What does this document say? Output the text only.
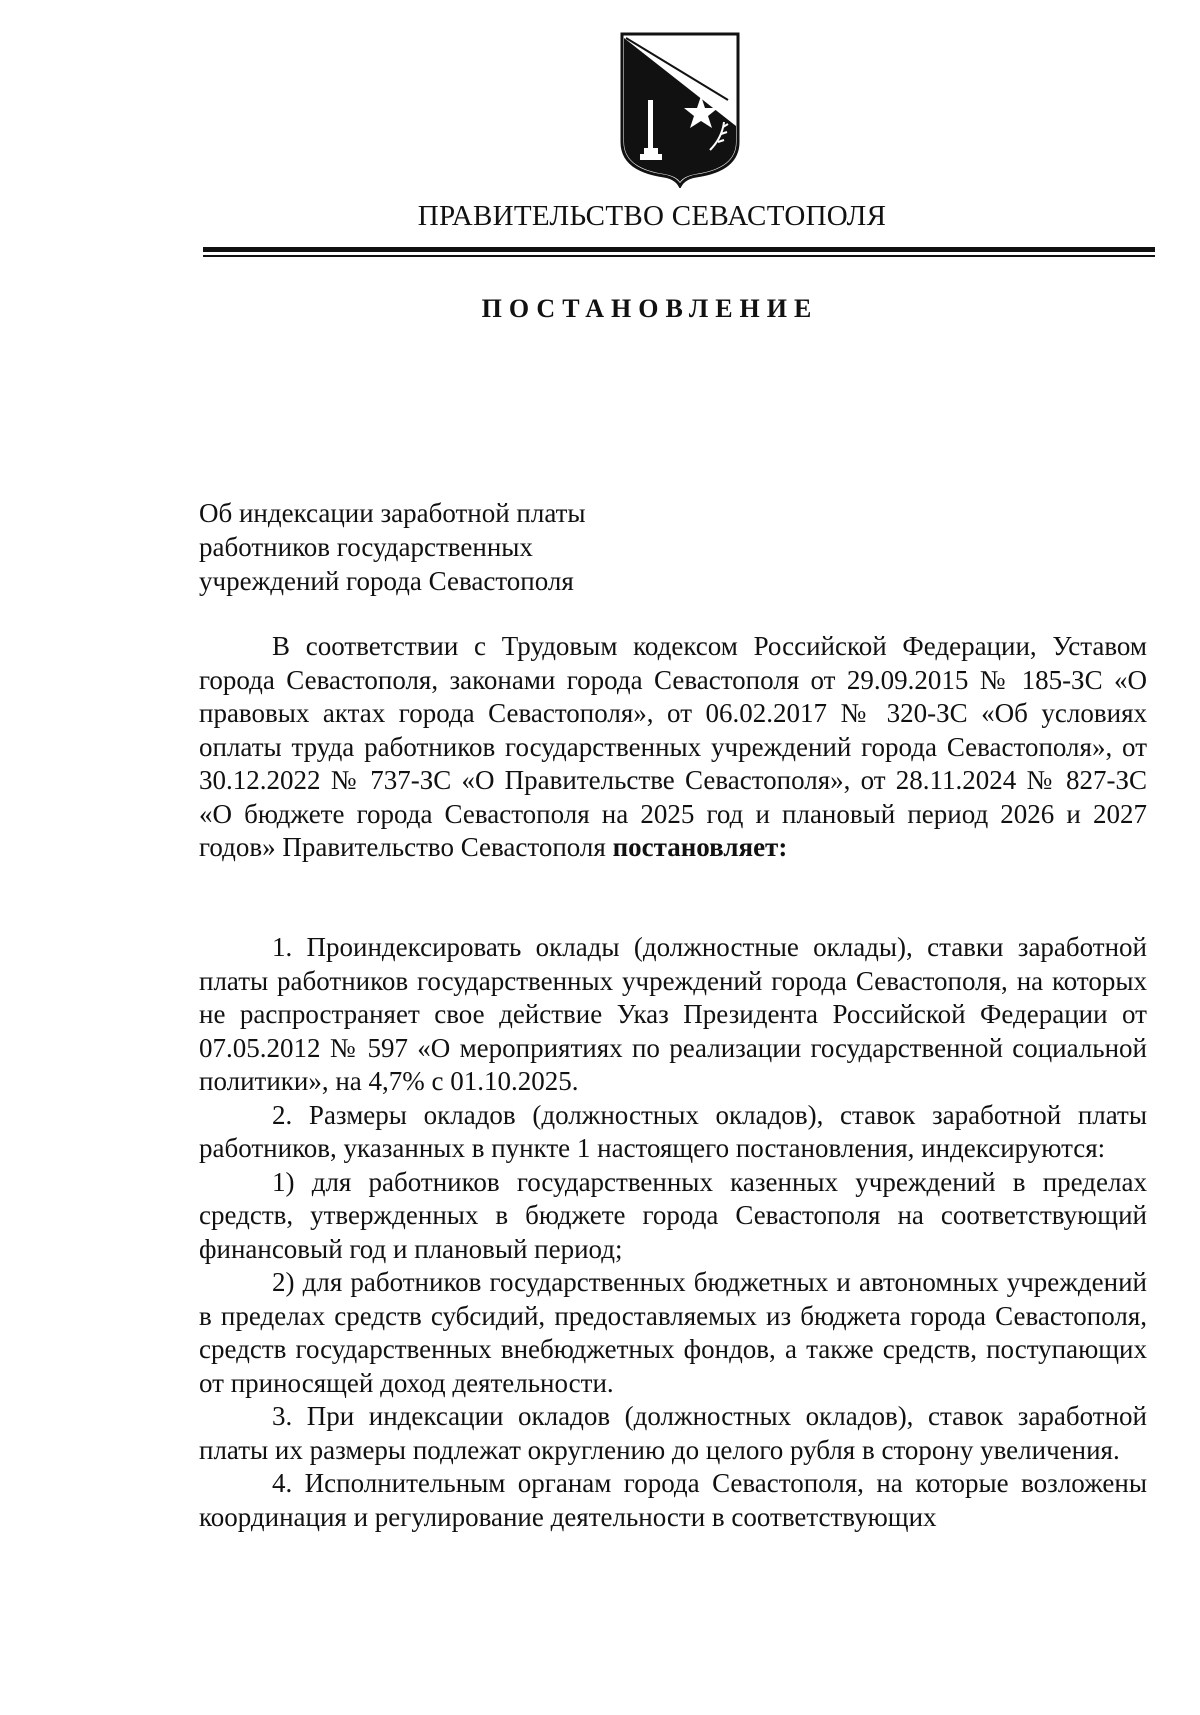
ПРАВИТЕЛЬСТВО СЕВАСТОПОЛЯ
ПОСТАНОВЛЕНИЕ
Об индексации заработной платы
работников государственных
учреждений города Севастополя

В соответствии с Трудовым кодексом Российской Федерации, Уставом города Севастополя, законами города Севастополя от 29.09.2015 № 185-ЗС «О правовых актах города Севастополя», от 06.02.2017 № 320-ЗС «Об условиях оплаты труда работников государственных учреждений города Севастополя», от 30.12.2022 № 737-ЗС «О Правительстве Севастополя», от 28.11.2024 № 827-ЗС «О бюджете города Севастополя на 2025 год и плановый период 2026 и 2027 годов» Правительство Севастополя постановляет:

1. Проиндексировать оклады (должностные оклады), ставки заработной платы работников государственных учреждений города Севастополя, на которых не распространяет свое действие Указ Президента Российской Федерации от 07.05.2012 № 597 «О мероприятиях по реализации государственной социальной политики», на 4,7% с 01.10.2025.

2. Размеры окладов (должностных окладов), ставок заработной платы работников, указанных в пункте 1 настоящего постановления, индексируются:

1) для работников государственных казенных учреждений в пределах средств, утвержденных в бюджете города Севастополя на соответствующий финансовый год и плановый период;

2) для работников государственных бюджетных и автономных учреждений в пределах средств субсидий, предоставляемых из бюджета города Севастополя, средств государственных внебюджетных фондов, а также средств, поступающих от приносящей доход деятельности.

3. При индексации окладов (должностных окладов), ставок заработной платы их размеры подлежат округлению до целого рубля в сторону увеличения.

4. Исполнительным органам города Севастополя, на которые возложены координация и регулирование деятельности в соответствующих
